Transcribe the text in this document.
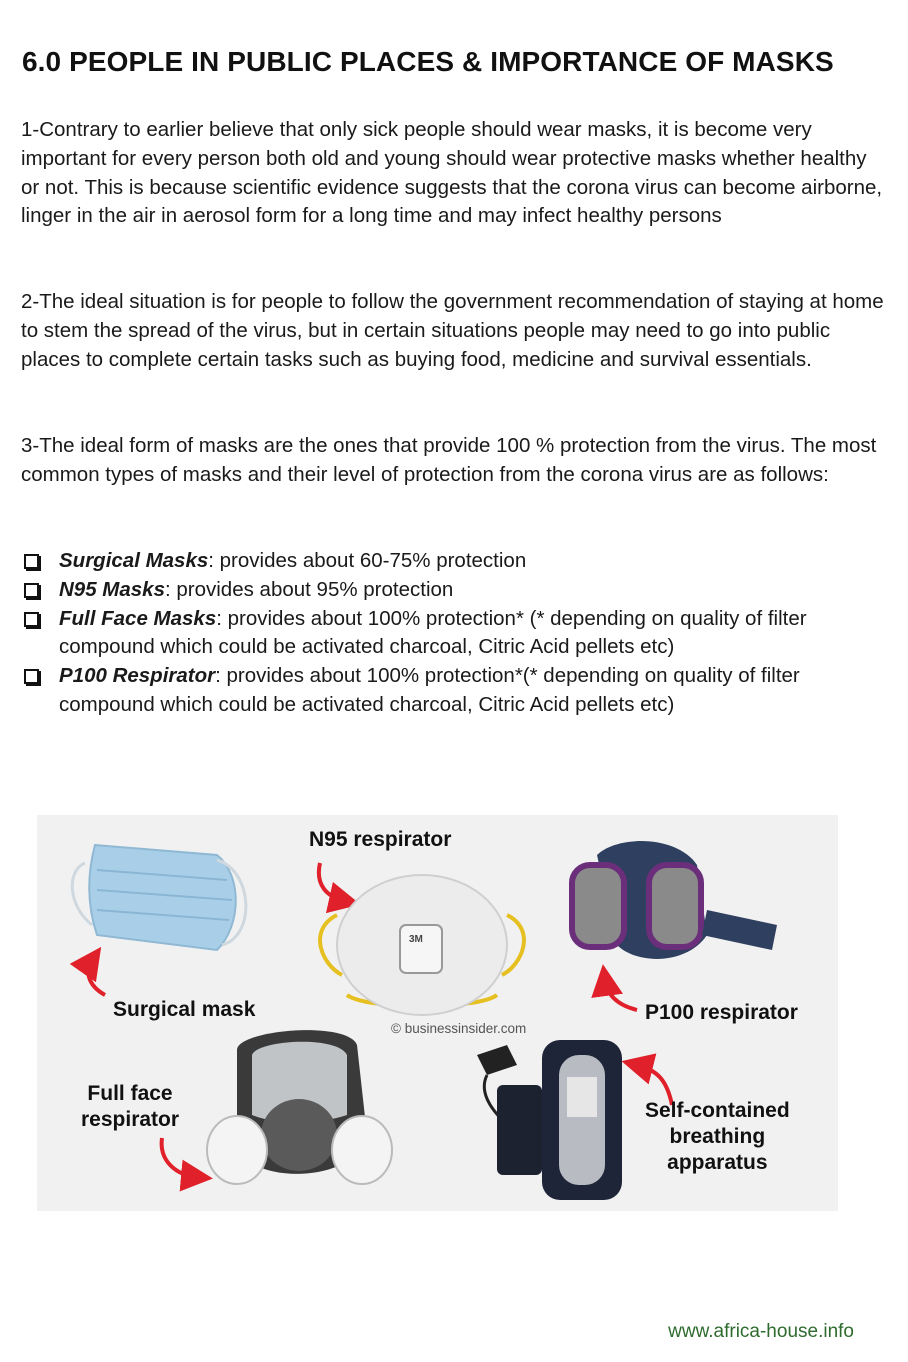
6.0 PEOPLE IN PUBLIC PLACES & IMPORTANCE OF MASKS

1-Contrary to earlier believe that only sick people should wear masks, it is become very important for every person both old and young should wear protective masks whether healthy or not. This is because scientific evidence suggests that the corona virus can become airborne, linger in the air in aerosol form for a long time and may infect healthy persons

2-The ideal situation is for people to follow the government recommendation of staying at home to stem the spread of the virus, but in certain situations people may need to go into public places to complete certain tasks such as buying food, medicine and survival essentials.

3-The ideal form of masks are the ones that provide 100 % protection from the virus. The most common types of masks and their level of protection from the corona virus are as follows:

Surgical Masks: provides about 60-75% protection
N95 Masks: provides about 95% protection
Full Face Masks: provides about 100% protection* (* depending on quality of filter compound which could be activated charcoal, Citric Acid pellets etc)
P100 Respirator: provides about 100% protection*(* depending on quality of filter compound which could be activated charcoal, Citric Acid pellets etc)
3M
N95 respirator
Surgical mask	P100 respirator
Full face
respirator	Self-contained
breathing
apparatus
© businessinsider.com
www.africa-house.info
